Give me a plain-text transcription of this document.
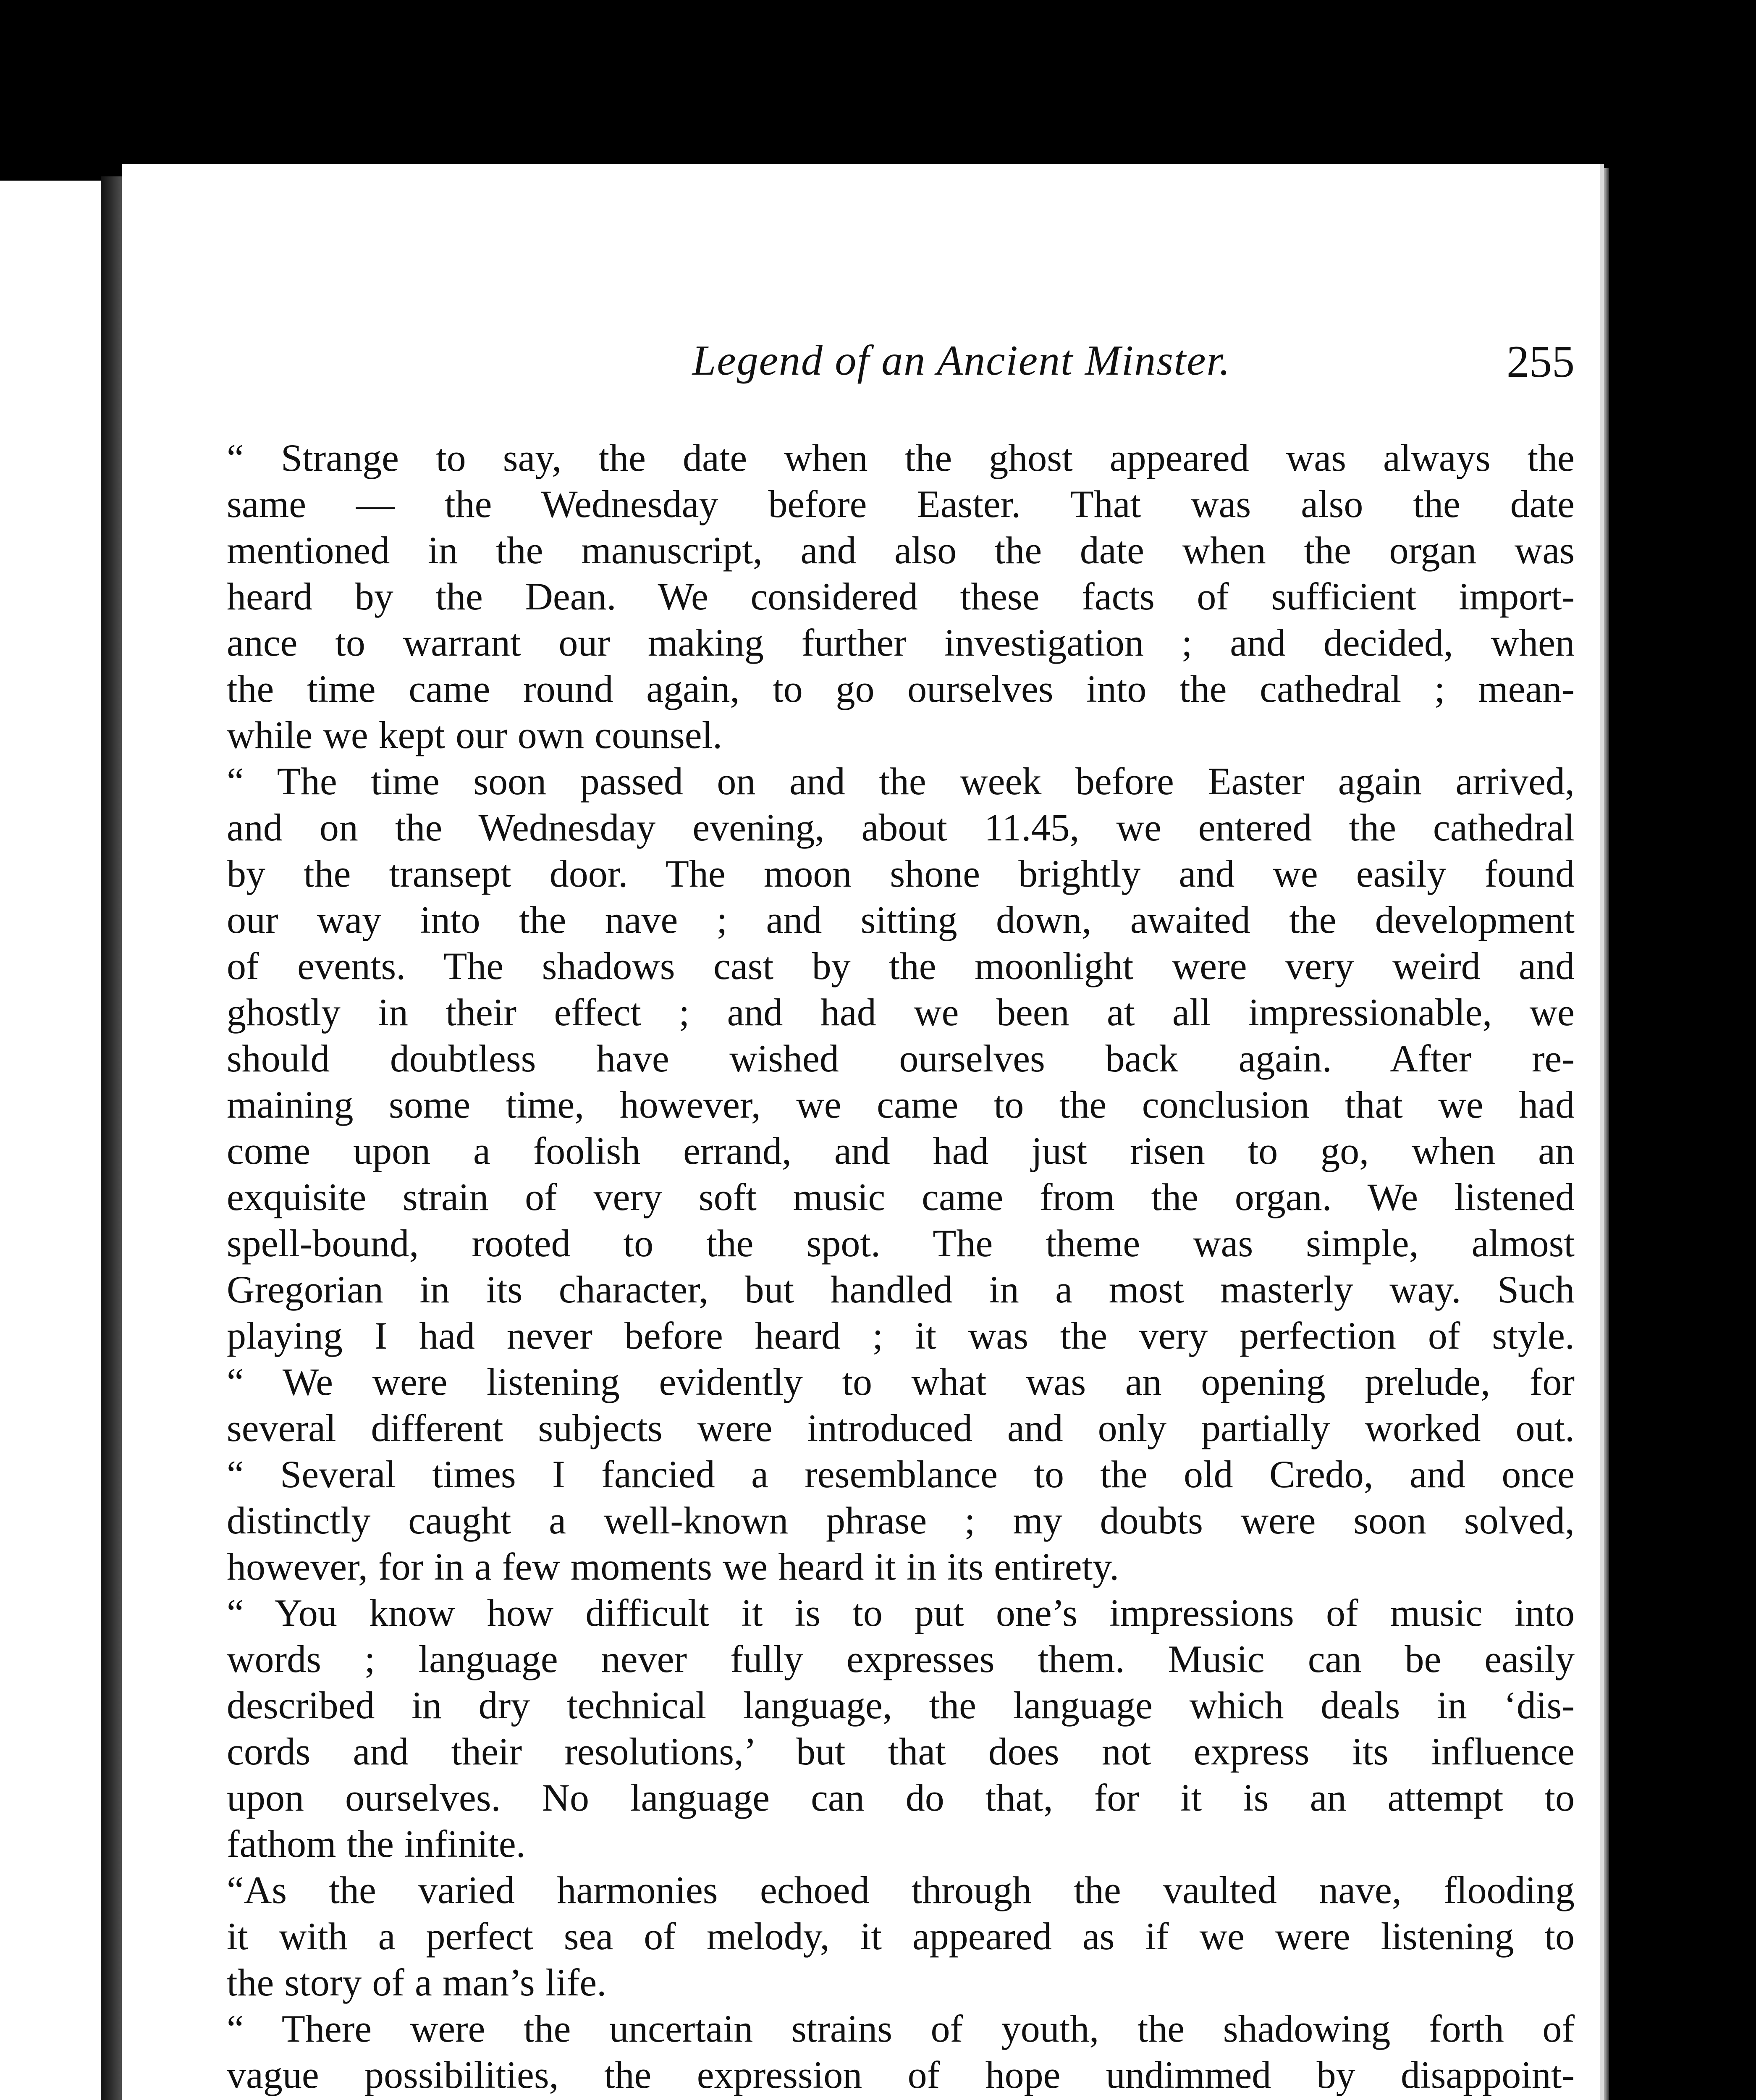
Legend of an Ancient Minster.	255
“ Strange to say, the date when the ghost appeared was always the
same — the Wednesday before Easter. That was also the date
mentioned in the manuscript, and also the date when the organ was
heard by the Dean. We considered these facts of sufficient import-
ance to warrant our making further investigation ; and decided, when
the time came round again, to go ourselves into the cathedral ; mean-
while we kept our own counsel.
“ The time soon passed on and the week before Easter again arrived,
and on the Wednesday evening, about 11.45, we entered the cathedral
by the transept door. The moon shone brightly and we easily found
our way into the nave ; and sitting down, awaited the development
of events. The shadows cast by the moonlight were very weird and
ghostly in their effect ; and had we been at all impressionable, we
should doubtless have wished ourselves back again. After re-
maining some time, however, we came to the conclusion that we had
come upon a foolish errand, and had just risen to go, when an
exquisite strain of very soft music came from the organ. We listened
spell-bound, rooted to the spot. The theme was simple, almost
Gregorian in its character, but handled in a most masterly way. Such
playing I had never before heard ; it was the very perfection of style.
“ We were listening evidently to what was an opening prelude, for
several different subjects were introduced and only partially worked out.
“ Several times I fancied a resemblance to the old Credo, and once
distinctly caught a well-known phrase ; my doubts were soon solved,
however, for in a few moments we heard it in its entirety.
“ You know how difficult it is to put one’s impressions of music into
words ; language never fully expresses them. Music can be easily
described in dry technical language, the language which deals in ‘dis-
cords and their resolutions,’ but that does not express its influence
upon ourselves. No language can do that, for it is an attempt to
fathom the infinite.
“As the varied harmonies echoed through the vaulted nave, flooding
it with a perfect sea of melody, it appeared as if we were listening to
the story of a man’s life.
“ There were the uncertain strains of youth, the shadowing forth of
vague possibilities, the expression of hope undimmed by disappoint-
